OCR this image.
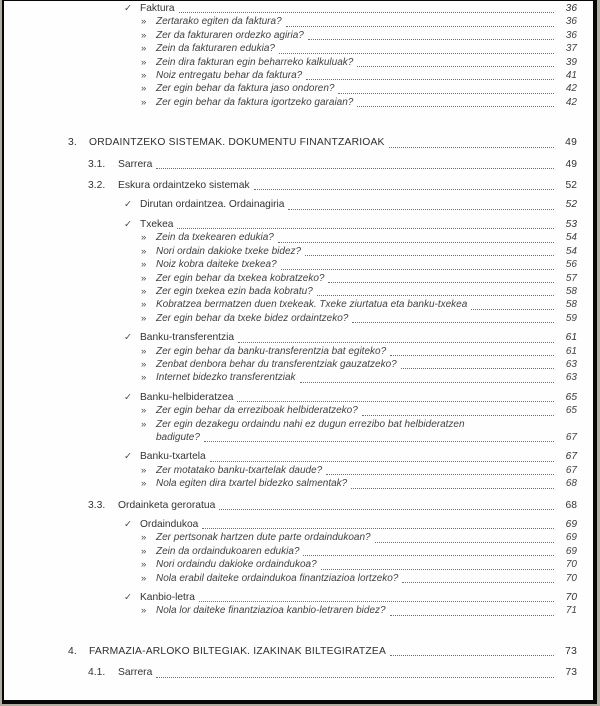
✓ Faktura	36
» Zertarako egiten da faktura?	36
» Zer da fakturaren ordezko agiria?	36
» Zein da fakturaren edukia?	37
» Zein dira fakturan egin beharreko kalkuluak?	39
» Noiz entregatu behar da faktura?	41
» Zer egin behar da faktura jaso ondoren?	42
» Zer egin behar da faktura igortzeko garaian?	42
3.	ORDAINTZEKO SISTEMAK. DOKUMENTU FINANTZARIOAK	49
3.1.	Sarrera	49
3.2.	Eskura ordaintzeko sistemak	52
✓ Dirutan ordaintzea. Ordainagiria	52
✓ Txekea	53
» Zein da txekearen edukia?	54
» Nori ordain dakioke txeke bidez?	54
» Noiz kobra daiteke txekea?	56
» Zer egin behar da txekea kobratzeko?	57
» Zer egin txekea ezin bada kobratu?	58
» Kobratzea bermatzen duen txekeak. Txeke ziurtatua eta banku-txekea	58
» Zer egin behar da txeke bidez ordaintzeko?	59
✓ Banku-transferentzia	61
» Zer egin behar da banku-transferentzia bat egiteko?	61
» Zenbat denbora behar du transferentziak gauzatzeko?	63
» Internet bidezko transferentziak	63
✓ Banku-helbideratzea	65
» Zer egin behar da erreziboak helbideratzeko?	65
» Zer egin dezakegu ordaindu nahi ez dugun errezibo bat helbideratzen
badigute?	67
✓ Banku-txartela	67
» Zer motatako banku-txartelak daude?	67
» Nola egiten dira txartel bidezko salmentak?	68
3.3.	Ordainketa geroratua	68
✓ Ordaindukoa	69
» Zer pertsonak hartzen dute parte ordaindukoan?	69
» Zein da ordaindukoaren edukia?	69
» Nori ordaindu dakioke ordaindukoa?	70
» Nola erabil daiteke ordaindukoa finantziazioa lortzeko?	70
✓ Kanbio-letra	70
» Nola lor daiteke finantziazioa kanbio-letraren bidez?	71
4.	FARMAZIA-ARLOKO BILTEGIAK. IZAKINAK BILTEGIRATZEA	73
4.1.	Sarrera	73
